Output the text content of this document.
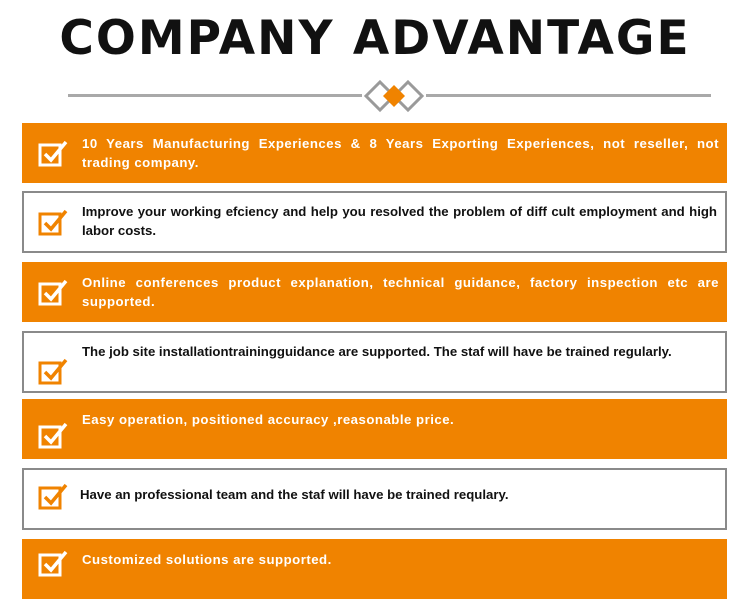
COMPANY ADVANTAGE
10 Years Manufacturing Experiences & 8 Years Exporting Experiences, not reseller, not trading company.
Improve your working efciency and help you resolved the problem of diff cult employment and high labor costs.
Online conferences product explanation, technical guidance, factory inspection etc are supported.
The job site installationtrainingguidance are supported. The staf will have be trained regularly.
Easy operation, positioned accuracy ,reasonable price.
Have an professional team and the staf will have be trained requlary.
Customized solutions are supported.
